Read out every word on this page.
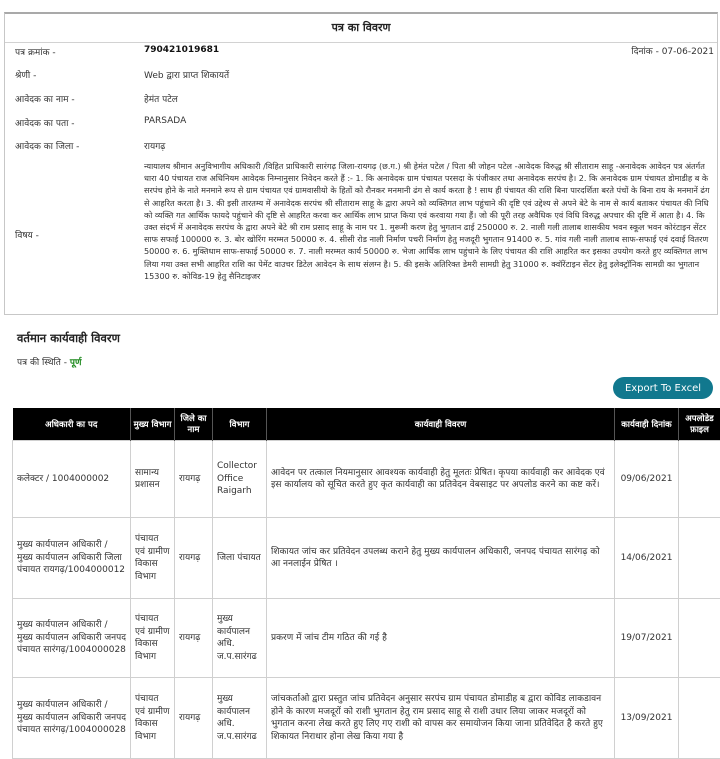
पत्र का विवरण
पत्र क्रमांक -	790421019681	दिनांक - 07-06-2021
श्रेणी -	Web द्वारा प्राप्त शिकायतें
आवेदक का नाम -	हेमंत पटेल
आवेदक का पता -	PARSADA
आवेदक का जिला -	रायगढ़
विषय -
न्यायालय श्रीमान अनुविभागीय अधिकारी /विहित प्राधिकारी सारंगढ़ जिला-रायगढ़ (छ.ग.) श्री हेमंत पटेल / पिता श्री जोहन पटेल -आवेदक विरुद्ध श्री सीताराम साहू -अनावेदक आवेदन पत्र अंतर्गत धारा 40 पंचायत राज अधिनियम आवेदक निम्नानुसार निवेदन करते हैं :- 1. कि अनावेदक ग्राम पंचायत परसदा के पंजीकार तथा अनावेदक सरपंच है। 2. कि अनावेदक ग्राम पंचायत डोमाडीह ब के सरपंच होने के नाते मनमाने रूप से ग्राम पंचायत एवं ग्रामवासीयो के हितों को रौनकर मनमानी ढंग से कार्य करता है ! साथ ही पंचायत की राशि बिना पारदर्शिता बरते पंचों के बिना राय के मनमानें ढंग से आहरित करता है। 3. की इसी तारतम्य में अनावेदक सरपंच श्री सीताराम साहू के द्वारा अपने को व्यक्तिगत लाभ पहुंचाने की दृष्टि एवं उद्देश्य से अपने बेटे के नाम से कार्य बताकर पंचायत की निधि को व्यक्ति गत आर्थिक फायदे पहुंचाने की दृष्टि से आहरित करवा कर आर्थिक लाभ प्राप्त किया एवं करवाया गया हैं। जो की पूरी तरह अवैधिक एवं विधि विरुद्ध अपचार की दृष्टि में आता है। 4. कि उक्त संदर्भ में अनावेदक सरपंच के द्वारा अपने बेटे श्री राम प्रसाद साहू के नाम पर 1. मुरूमी करण हेतु भुगतान ढाई 250000 रु. 2. नाली गली तालाब शासकीय भवन स्कूल भवन कोरंटाइन सेंटर साफ सफाई 100000 रु. 3. बोर खोरिंग मरम्मत 50000 रु. 4. सीसी रोड नाली निर्माण पचरी निर्माण हेतु मजदूरी भुगतान 91400 रु. 5. गांव गली नाली तालाब साफ-सफाई एवं दवाई वितरण 50000 रु. 6. मुक्तिधाम साफ-सफाई 50000 रु. 7. नाली मरम्मत कार्य 50000 रु. भेजा आर्थिक लाभ पहुंचाने के लिए पंचायत की राशि आहरित कर इसका उपयोग करते हुए व्यक्तिगत लाभ लिया गया उक्त सभी आहरित राशि का पेमेंट वाउचर डिटेल आवेदन के साथ संलग्न है। 5. की इसके अतिरिक्त डेमरी सामग्री हेतु 31000 रु. क्वॉरेंटाइन सेंटर हेतु इलेक्ट्रॉनिक सामग्री का भुगतान 15300 रु. कोविड-19 हेतु सैनिटाइजर
वर्तमान कार्यवाही विवरण
पत्र की स्थिति - पूर्ण
Export To Excel
अधिकारी का पद	मुख्य विभाग	जिले का नाम	विभाग	कार्यवाही विवरण	कार्यवाही दिनांक	अपलोडेड फ़ाइल
कलेक्टर / 1004000002	सामान्य प्रशासन	रायगढ़	Collector Office Raigarh	आवेदन पर तत्काल नियमानुसार आवश्यक कार्यवाही हेतु मूलतः प्रेषित। कृपया कार्यवाही कर आवेदक एवं इस कार्यालय को सूचित करते हुए कृत कार्यवाही का प्रतिवेदन वेबसाइट पर अपलोड करने का कष्ट करें।	09/06/2021	
मुख्य कार्यपालन अधिकारी / मुख्य कार्यपालन अधिकारी जिला पंचायत रायगढ़/1004000012	पंचायत एवं ग्रामीण विकास विभाग	रायगढ़	जिला पंचायत	शिकायत जांच कर प्रतिवेदन उपलब्ध कराने हेतु मुख्य कार्यपालन अधिकारी, जनपद पंचायत सारंगढ़ को आ ननलाईन प्रेषित ।	14/06/2021	
मुख्य कार्यपालन अधिकारी / मुख्य कार्यपालन अधिकारी जनपद पंचायत सारंगढ़/1004000028	पंचायत एवं ग्रामीण विकास विभाग	रायगढ़	मुख्य कार्यपालन अधि. ज.प.सारंगढ	प्रकरण में जांच टीम गठित की गई है	19/07/2021	
मुख्य कार्यपालन अधिकारी / मुख्य कार्यपालन अधिकारी जनपद पंचायत सारंगढ़/1004000028	पंचायत एवं ग्रामीण विकास विभाग	रायगढ़	मुख्य कार्यपालन अधि. ज.प.सारंगढ	जांचकर्ताओ द्वारा प्रस्तुत जांच प्रतिवेदन अनुसार सरपंच ग्राम पंचायत डोमाडीह ब द्वारा कोविड लाकडावन होने के कारण मजदूरों को राशी भुगतान हेतु राम प्रसाद साहू से राशी उधार लिया जाकर मजदूरों को भुगतान करना लेख करते हुए लिए गए राशी को वापस कर समायोजन किया जाना प्रतिवेदित है करते हुए शिकायत निराधार होना लेख किया गया है	13/09/2021	
